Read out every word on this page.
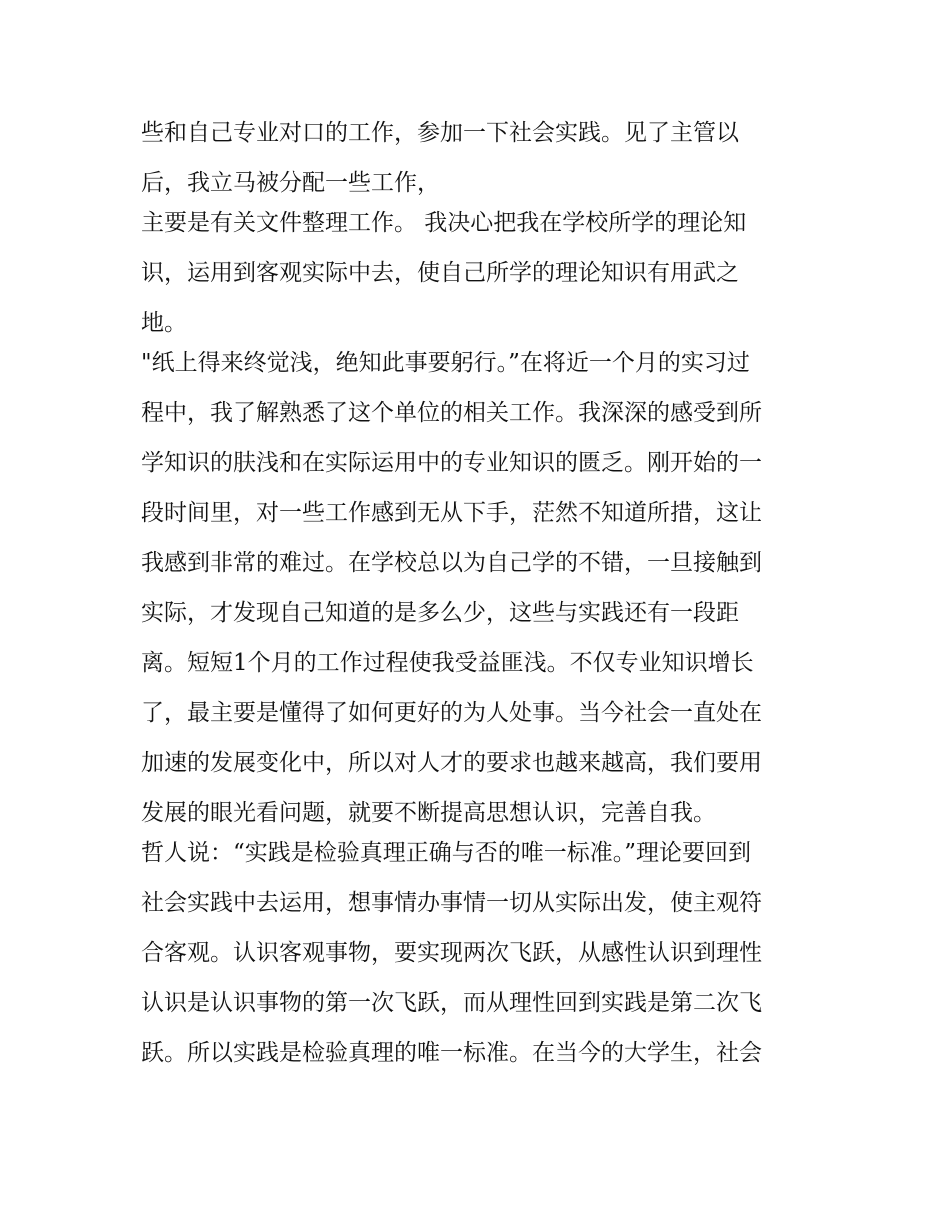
些和自己专业对口的工作，参加一下社会实践。见了主管以
后，我立马被分配一些工作，
主要是有关文件整理工作。 我决心把我在学校所学的理论知
识，运用到客观实际中去，使自己所学的理论知识有用武之
地。
"纸上得来终觉浅，绝知此事要躬行。”在将近一个月的实习过
程中，我了解熟悉了这个单位的相关工作。我深深的感受到所
学知识的肤浅和在实际运用中的专业知识的匮乏。刚开始的一
段时间里，对一些工作感到无从下手，茫然不知道所措，这让
我感到非常的难过。在学校总以为自己学的不错，一旦接触到
实际，才发现自己知道的是多么少，这些与实践还有一段距
离。短短1个月的工作过程使我受益匪浅。不仅专业知识增长
了，最主要是懂得了如何更好的为人处事。当今社会一直处在
加速的发展变化中，所以对人才的要求也越来越高，我们要用
发展的眼光看问题，就要不断提高思想认识，完善自我。
哲人说：“实践是检验真理正确与否的唯一标准。”理论要回到
社会实践中去运用，想事情办事情一切从实际出发，使主观符
合客观。认识客观事物，要实现两次飞跃，从感性认识到理性
认识是认识事物的第一次飞跃，而从理性回到实践是第二次飞
跃。所以实践是检验真理的唯一标准。在当今的大学生，社会
